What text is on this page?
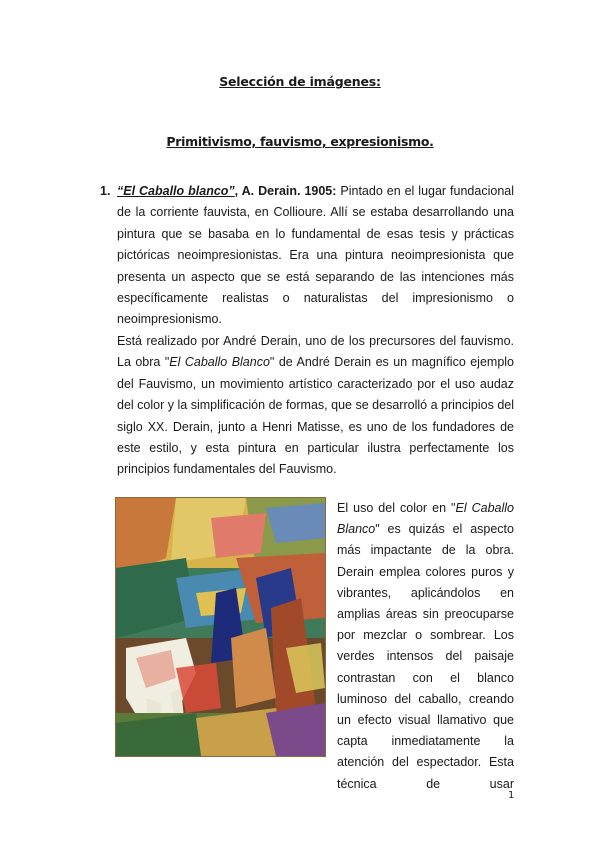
Selección de imágenes:
Primitivismo, fauvismo, expresionismo.
1. “El Caballo blanco”, A. Derain. 1905: Pintado en el lugar fundacional de la corriente fauvista, en Collioure. Allí se estaba desarrollando una pintura que se basaba en lo fundamental de esas tesis y prácticas pictóricas neoimpresionistas. Era una pintura neoimpresionista que presenta un aspecto que se está separando de las intenciones más específicamente realistas o naturalistas del impresionismo o neoimpresionismo.
Está realizado por André Derain, uno de los precursores del fauvismo. La obra "El Caballo Blanco" de André Derain es un magnífico ejemplo del Fauvismo, un movimiento artístico caracterizado por el uso audaz del color y la simplificación de formas, que se desarrolló a principios del siglo XX. Derain, junto a Henri Matisse, es uno de los fundadores de este estilo, y esta pintura en particular ilustra perfectamente los principios fundamentales del Fauvismo.
El uso del color en "El Caballo Blanco" es quizás el aspecto más impactante de la obra. Derain emplea colores puros y vibrantes, aplicándolos en amplias áreas sin preocuparse por mezclar o sombrear. Los verdes intensos del paisaje contrastan con el blanco luminoso del caballo, creando un efecto visual llamativo que capta inmediatamente la atención del espectador. Esta técnica de usar
1
